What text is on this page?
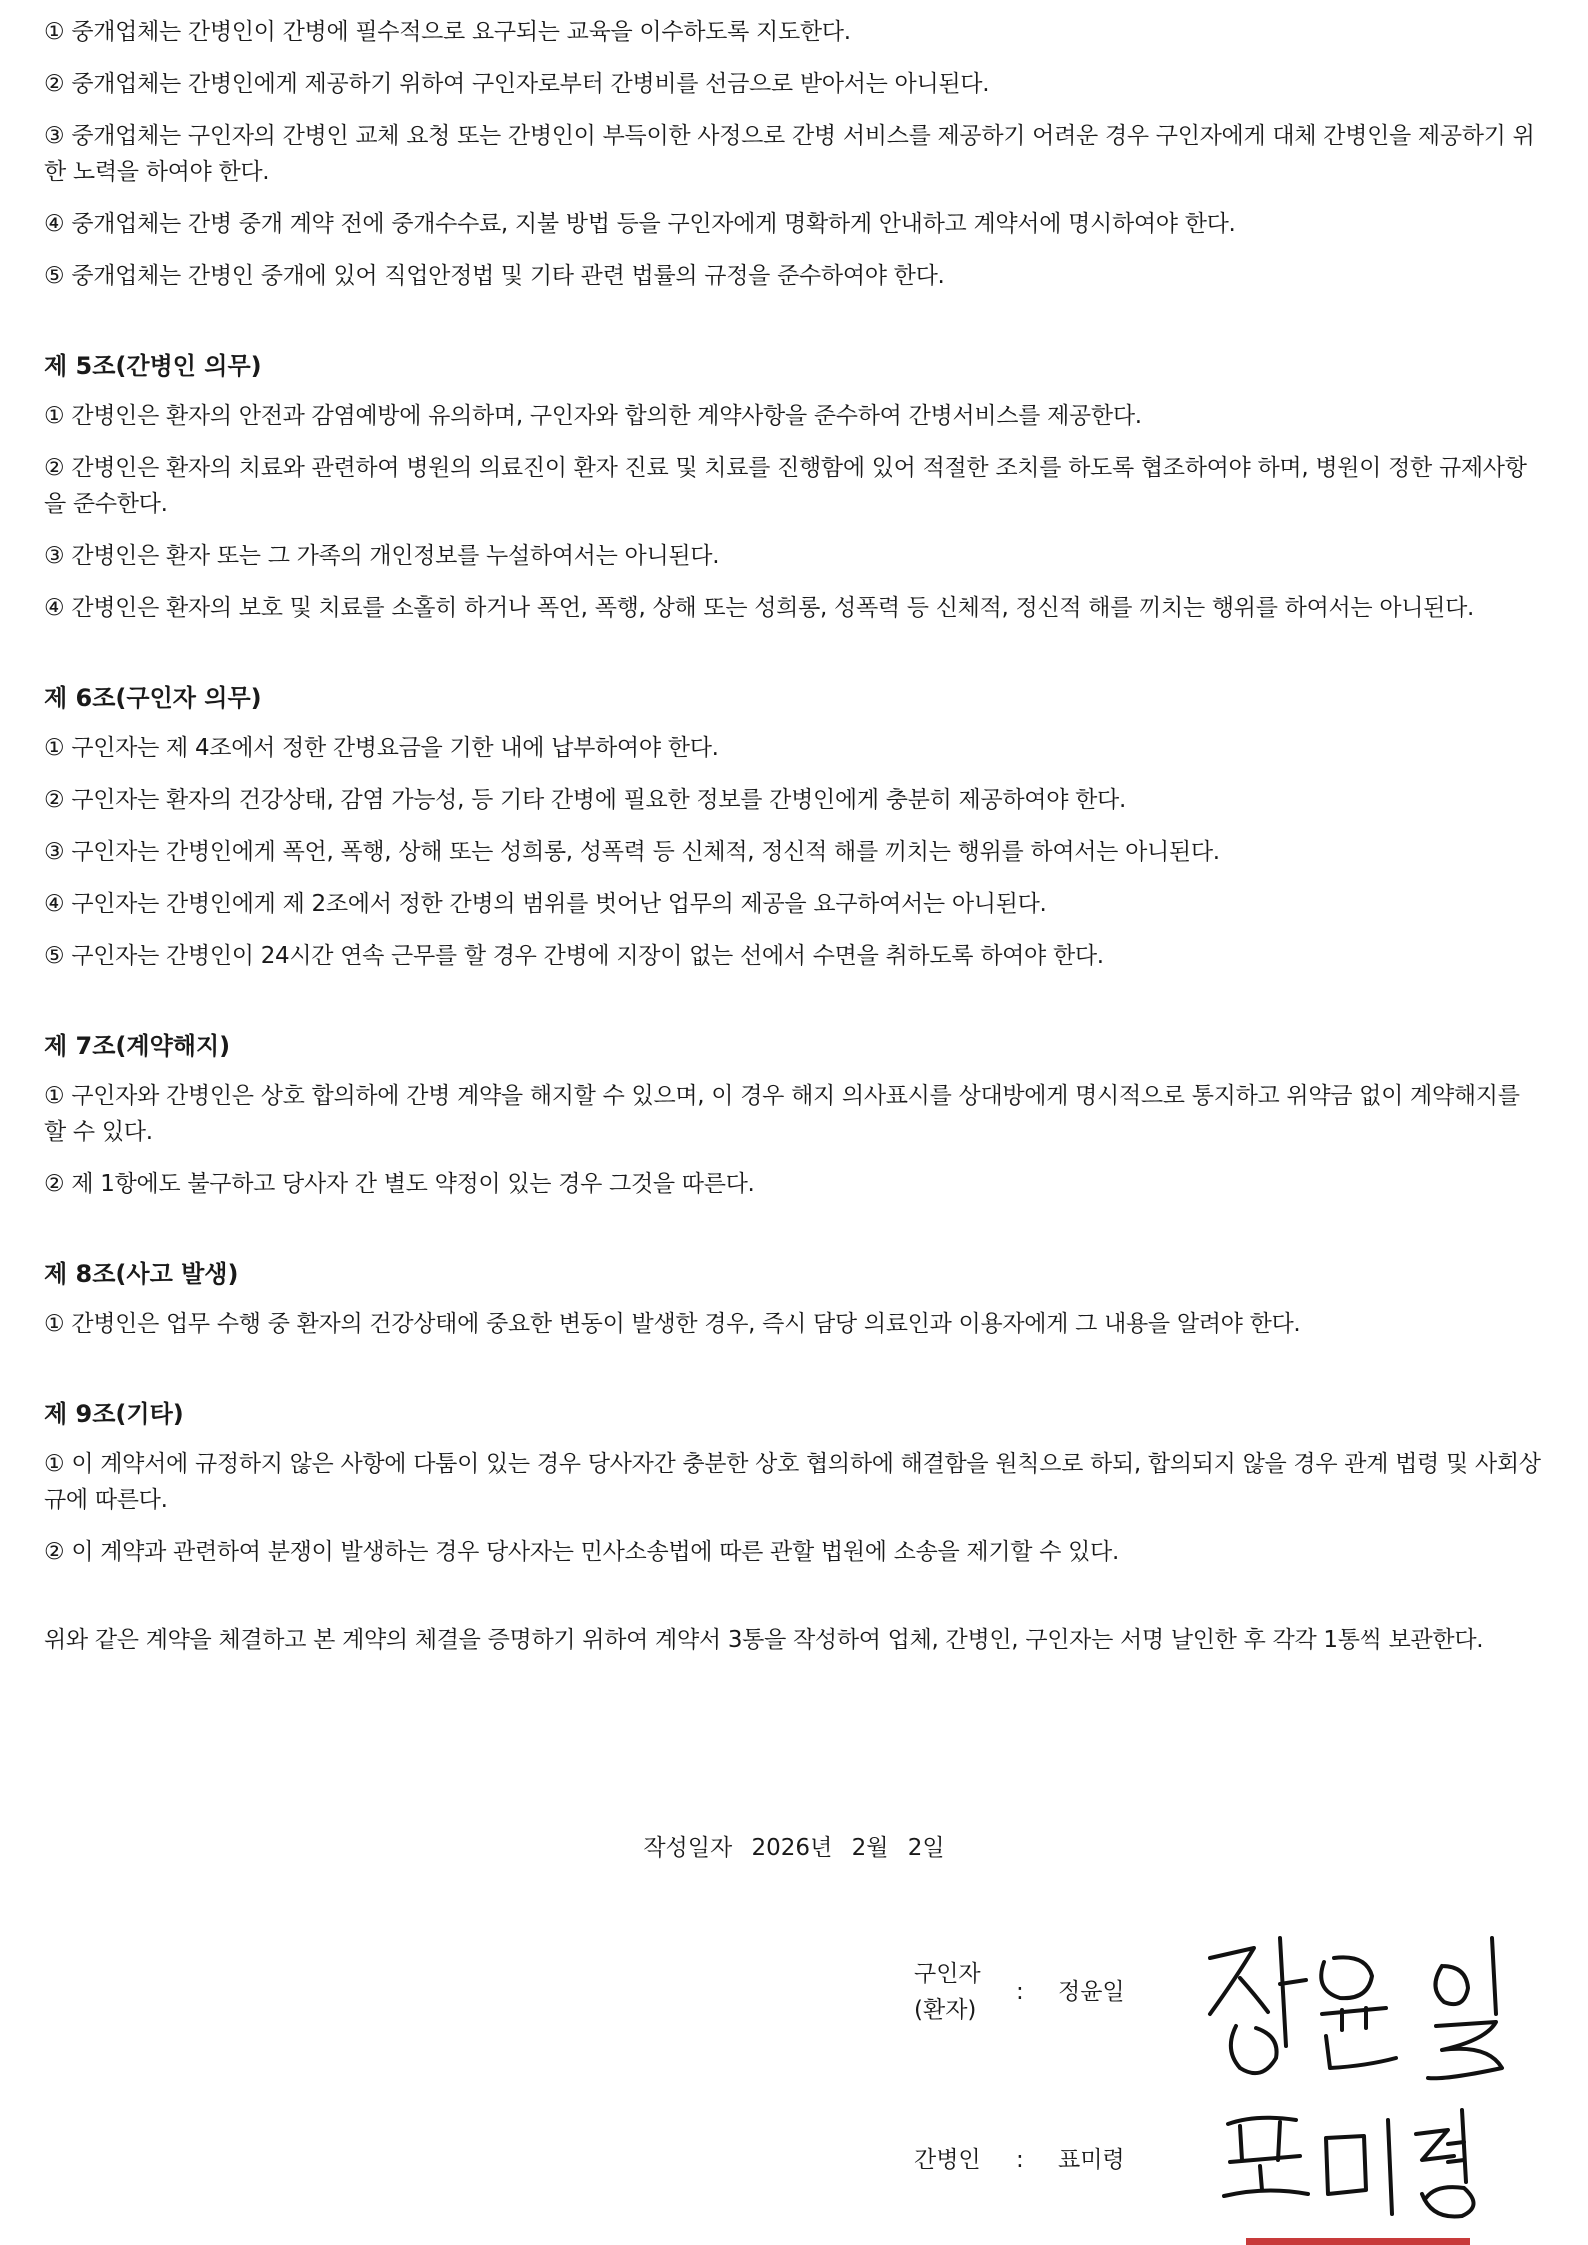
① 중개업체는 간병인이 간병에 필수적으로 요구되는 교육을 이수하도록 지도한다.

② 중개업체는 간병인에게 제공하기 위하여 구인자로부터 간병비를 선금으로 받아서는 아니된다.

③ 중개업체는 구인자의 간병인 교체 요청 또는 간병인이 부득이한 사정으로 간병 서비스를 제공하기 어려운 경우 구인자에게 대체 간병인을 제공하기 위한 노력을 하여야 한다.

④ 중개업체는 간병 중개 계약 전에 중개수수료, 지불 방법 등을 구인자에게 명확하게 안내하고 계약서에 명시하여야 한다.

⑤ 중개업체는 간병인 중개에 있어 직업안정법 및 기타 관련 법률의 규정을 준수하여야 한다.

제 5조(간병인 의무)

① 간병인은 환자의 안전과 감염예방에 유의하며, 구인자와 합의한 계약사항을 준수하여 간병서비스를 제공한다.

② 간병인은 환자의 치료와 관련하여 병원의 의료진이 환자 진료 및 치료를 진행함에 있어 적절한 조치를 하도록 협조하여야 하며, 병원이 정한 규제사항을 준수한다.

③ 간병인은 환자 또는 그 가족의 개인정보를 누설하여서는 아니된다.

④ 간병인은 환자의 보호 및 치료를 소홀히 하거나 폭언, 폭행, 상해 또는 성희롱, 성폭력 등 신체적, 정신적 해를 끼치는 행위를 하여서는 아니된다.

제 6조(구인자 의무)

① 구인자는 제 4조에서 정한 간병요금을 기한 내에 납부하여야 한다.

② 구인자는 환자의 건강상태, 감염 가능성, 등 기타 간병에 필요한 정보를 간병인에게 충분히 제공하여야 한다.

③ 구인자는 간병인에게 폭언, 폭행, 상해 또는 성희롱, 성폭력 등 신체적, 정신적 해를 끼치는 행위를 하여서는 아니된다.

④ 구인자는 간병인에게 제 2조에서 정한 간병의 범위를 벗어난 업무의 제공을 요구하여서는 아니된다.

⑤ 구인자는 간병인이 24시간 연속 근무를 할 경우 간병에 지장이 없는 선에서 수면을 취하도록 하여야 한다.

제 7조(계약해지)

① 구인자와 간병인은 상호 합의하에 간병 계약을 해지할 수 있으며, 이 경우 해지 의사표시를 상대방에게 명시적으로 통지하고 위약금 없이 계약해지를 할 수 있다.

② 제 1항에도 불구하고 당사자 간 별도 약정이 있는 경우 그것을 따른다.

제 8조(사고 발생)

① 간병인은 업무 수행 중 환자의 건강상태에 중요한 변동이 발생한 경우, 즉시 담당 의료인과 이용자에게 그 내용을 알려야 한다.

제 9조(기타)

① 이 계약서에 규정하지 않은 사항에 다툼이 있는 경우 당사자간 충분한 상호 협의하에 해결함을 원칙으로 하되, 합의되지 않을 경우 관계 법령 및 사회상규에 따른다.

② 이 계약과 관련하여 분쟁이 발생하는 경우 당사자는 민사소송법에 따른 관할 법원에 소송을 제기할 수 있다.

위와 같은 계약을 체결하고 본 계약의 체결을 증명하기 위하여 계약서 3통을 작성하여 업체, 간병인, 구인자는 서명 날인한 후 각각 1통씩 보관한다.

작성일자 2026년 2월 2일
구인자
(환자)
: 정윤일
간병인 : 표미령
